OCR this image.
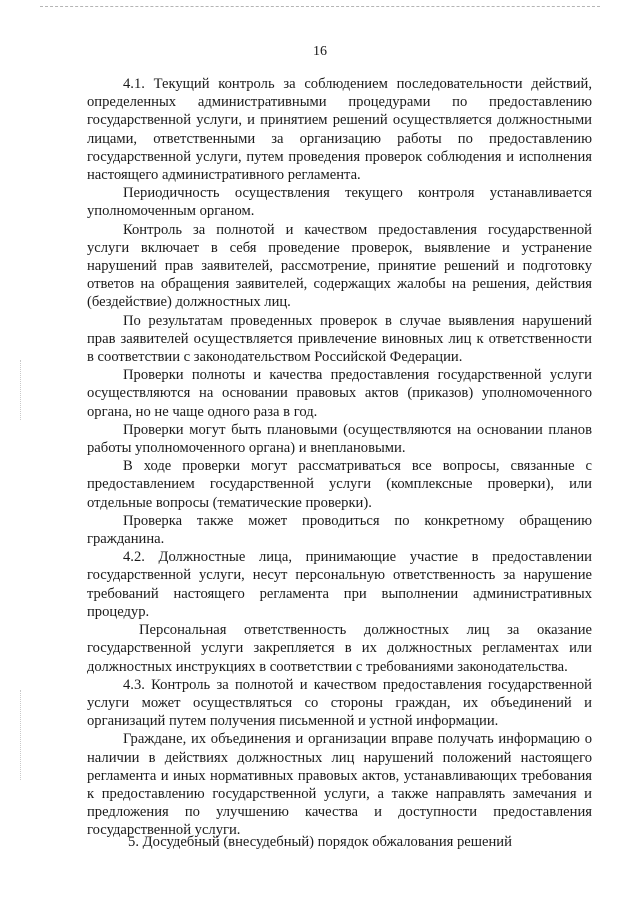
16

4.1. Текущий контроль за соблюдением последовательности действий, определенных административными процедурами по предоставлению государственной услуги, и принятием решений осуществляется должностными лицами, ответственными за организацию работы по предоставлению государственной услуги, путем проведения проверок соблюдения и исполнения настоящего административного регламента.

Периодичность осуществления текущего контроля устанавливается уполномоченным органом.

Контроль за полнотой и качеством предоставления государственной услуги включает в себя проведение проверок, выявление и устранение нарушений прав заявителей, рассмотрение, принятие решений и подготовку ответов на обращения заявителей, содержащих жалобы на решения, действия (бездействие) должностных лиц.

По результатам проведенных проверок в случае выявления нарушений прав заявителей осуществляется привлечение виновных лиц к ответственности в соответствии с законодательством Российской Федерации.

Проверки полноты и качества предоставления государственной услуги осуществляются на основании правовых актов (приказов) уполномоченного органа, но не чаще одного раза в год.

Проверки могут быть плановыми (осуществляются на основании планов работы уполномоченного органа) и внеплановыми.

В ходе проверки могут рассматриваться все вопросы, связанные с предоставлением государственной услуги (комплексные проверки), или отдельные вопросы (тематические проверки).

Проверка также может проводиться по конкретному обращению гражданина.

4.2. Должностные лица, принимающие участие в предоставлении государственной услуги, несут персональную ответственность за нарушение требований настоящего регламента при выполнении административных процедур.

Персональная ответственность должностных лиц за оказание государственной услуги закрепляется в их должностных регламентах или должностных инструкциях в соответствии с требованиями законодательства.

4.3. Контроль за полнотой и качеством предоставления государственной услуги может осуществляться со стороны граждан, их объединений и организаций путем получения письменной и устной информации.

Граждане, их объединения и организации вправе получать информацию о наличии в действиях должностных лиц нарушений положений настоящего регламента и иных нормативных правовых актов, устанавливающих требования к предоставлению государственной услуги, а также направлять замечания и предложения по улучшению качества и доступности предоставления государственной услуги.

5. Досудебный (внесудебный) порядок обжалования решений
